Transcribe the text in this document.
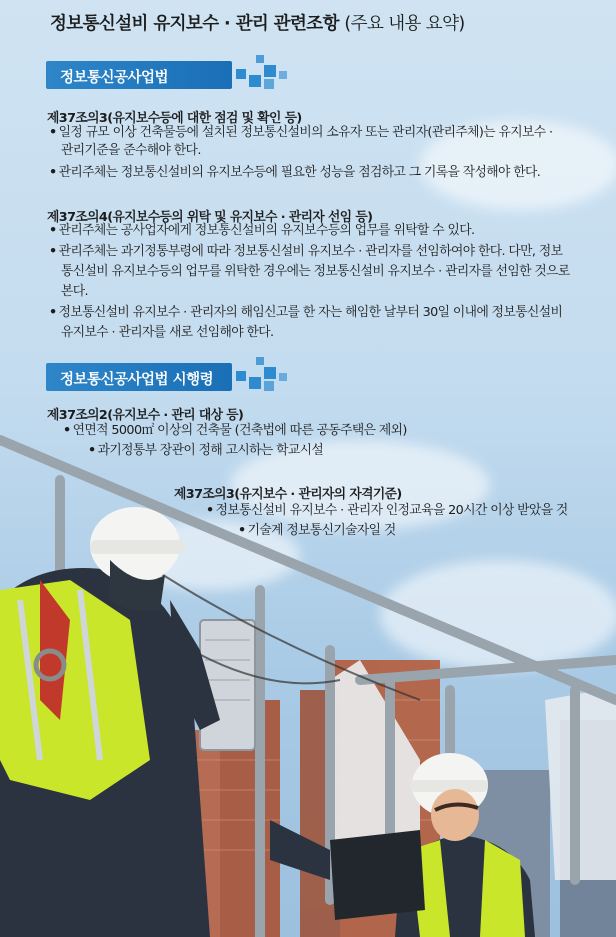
정보통신설비 유지보수 · 관리 관련조항 (주요 내용 요약)
정보통신공사업법
제37조의3(유지보수등에 대한 점검 및 확인 등)
• 일정 규모 이상 건축물등에 설치된 정보통신설비의 소유자 또는 관리자(관리주체)는 유지보수 ·
관리기준을 준수해야 한다.
• 관리주체는 정보통신설비의 유지보수등에 필요한 성능을 점검하고 그 기록을 작성해야 한다.
제37조의4(유지보수등의 위탁 및 유지보수 · 관리자 선임 등)
• 관리주체는 공사업자에게 정보통신설비의 유지보수등의 업무를 위탁할 수 있다.
• 관리주체는 과기정통부령에 따라 정보통신설비 유지보수 · 관리자를 선임하여야 한다. 다만, 정보
통신설비 유지보수등의 업무를 위탁한 경우에는 정보통신설비 유지보수 · 관리자를 선임한 것으로
본다.
• 정보통신설비 유지보수 · 관리자의 해임신고를 한 자는 해임한 날부터 30일 이내에 정보통신설비
유지보수 · 관리자를 새로 선임해야 한다.
정보통신공사업법 시행령
제37조의2(유지보수 · 관리 대상 등)
• 연면적 5000㎡ 이상의 건축물 (건축법에 따른 공동주택은 제외)
• 과기정통부 장관이 정해 고시하는 학교시설
제37조의3(유지보수 · 관리자의 자격기준)
• 정보통신설비 유지보수 · 관리자 인정교육을 20시간 이상 받았을 것
• 기술계 정보통신기술자일 것
